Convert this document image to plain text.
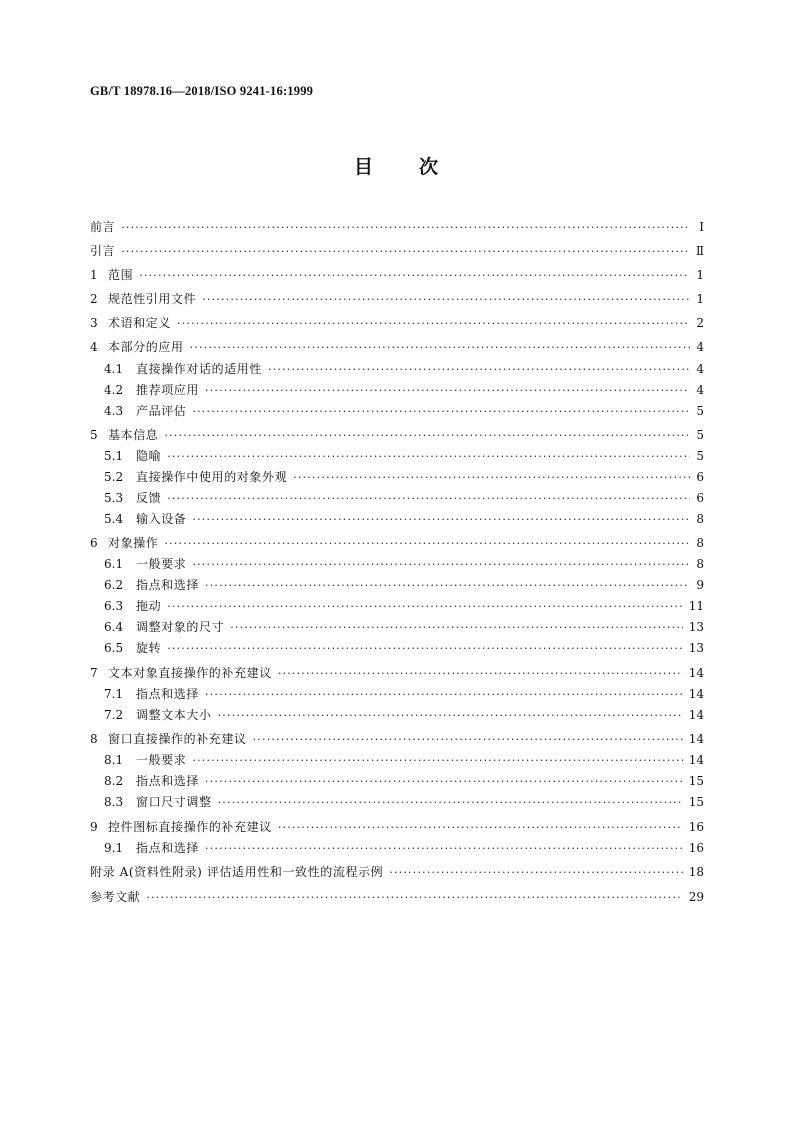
GB/T 18978.16—2018/ISO 9241-16:1999
目 次
前言 ·····	Ⅰ
引言 ·····	Ⅱ
1 范围 ·····	1
2 规范性引用文件 ·····	1
3 术语和定义 ·····	2
4 本部分的应用 ·····	4
4.1	直接操作对话的适用性 ·····	4
4.2	推荐项应用 ·····	4
4.3	产品评估 ·····	5
5 基本信息 ·····	5
5.1	隐喻 ·····	5
5.2	直接操作中使用的对象外观 ·····	6
5.3	反馈 ·····	6
5.4	输入设备 ·····	8
6 对象操作 ·····	8
6.1	一般要求 ·····	8
6.2	指点和选择 ·····	9
6.3	拖动 ·····	11
6.4	调整对象的尺寸 ·····	13
6.5	旋转 ·····	13
7 文本对象直接操作的补充建议 ·····	14
7.1	指点和选择 ·····	14
7.2	调整文本大小 ·····	14
8 窗口直接操作的补充建议 ·····	14
8.1	一般要求 ·····	14
8.2	指点和选择 ·····	15
8.3	窗口尺寸调整 ·····	15
9 控件图标直接操作的补充建议 ·····	16
9.1	指点和选择 ·····	16
附录 A(资料性附录) 评估适用性和一致性的流程示例 ·····	18
参考文献 ·····	29
